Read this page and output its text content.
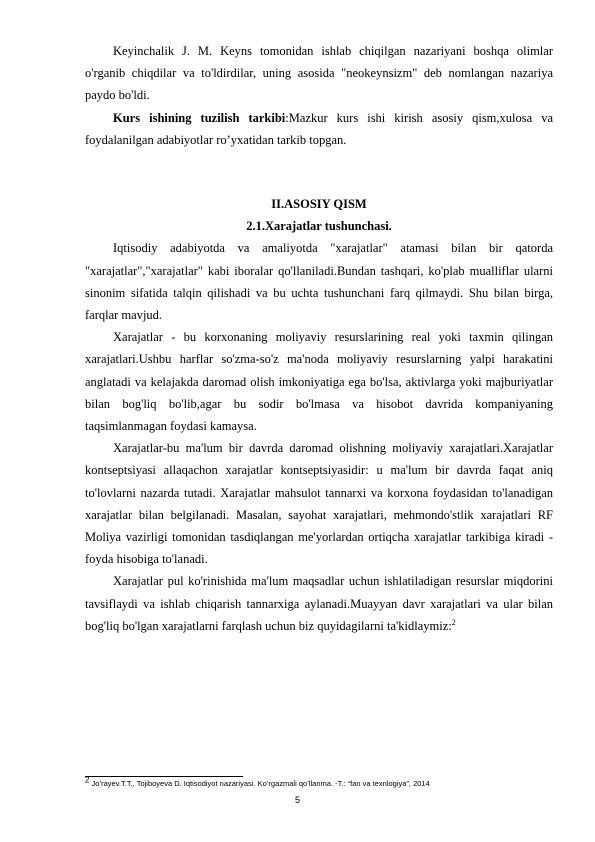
Keyinchalik J. M. Keyns tomonidan ishlab chiqilgan nazariyani boshqa olimlar o'rganib chiqdilar va to'ldirdilar, uning asosida "neokeynsizm" deb nomlangan nazariya paydo bo'ldi.

Kurs ishining tuzilish tarkibi:Mazkur kurs ishi kirish asosiy qism,xulosa va foydalanilgan adabiyotlar ro’yxatidan tarkib topgan.

II.ASOSIY QISM

2.1.Xarajatlar tushunchasi.

Iqtisodiy adabiyotda va amaliyotda "xarajatlar" atamasi bilan bir qatorda "xarajatlar","xarajatlar" kabi iboralar qo'llaniladi.Bundan tashqari, ko'plab mualliflar ularni sinonim sifatida talqin qilishadi va bu uchta tushunchani farq qilmaydi. Shu bilan birga, farqlar mavjud.

Xarajatlar - bu korxonaning moliyaviy resurslarining real yoki taxmin qilingan xarajatlari.Ushbu harflar so'zma-so'z ma'noda moliyaviy resurslarning yalpi harakatini anglatadi va kelajakda daromad olish imkoniyatiga ega bo'lsa, aktivlarga yoki majburiyatlar bilan bog'liq bo'lib,agar bu sodir bo'lmasa va hisobot davrida kompaniyaning taqsimlanmagan foydasi kamaysa.

Xarajatlar-bu ma'lum bir davrda daromad olishning moliyaviy xarajatlari.Xarajatlar kontseptsiyasi allaqachon xarajatlar kontseptsiyasidir: u ma'lum bir davrda faqat aniq to'lovlarni nazarda tutadi. Xarajatlar mahsulot tannarxi va korxona foydasidan to'lanadigan xarajatlar bilan belgilanadi. Masalan, sayohat xarajatlari, mehmondo'stlik xarajatlari RF Moliya vazirligi tomonidan tasdiqlangan me'yorlardan ortiqcha xarajatlar tarkibiga kiradi - foyda hisobiga to'lanadi.

Xarajatlar pul ko'rinishida ma'lum maqsadlar uchun ishlatiladigan resurslar miqdorini tavsiflaydi va ishlab chiqarish tannarxiga aylanadi.Muayyan davr xarajatlari va ular bilan bog'liq bo'lgan xarajatlarni farqlash uchun biz quyidagilarni ta'kidlaymiz:$^2$

$^2$ Jo’rayev.T.T., Tojiboyeva D. Iqtisodiyot nazariyasi. Ko’rgazmali qo’llanma. -T.: “fan va texnlogiya”, 2014
5
